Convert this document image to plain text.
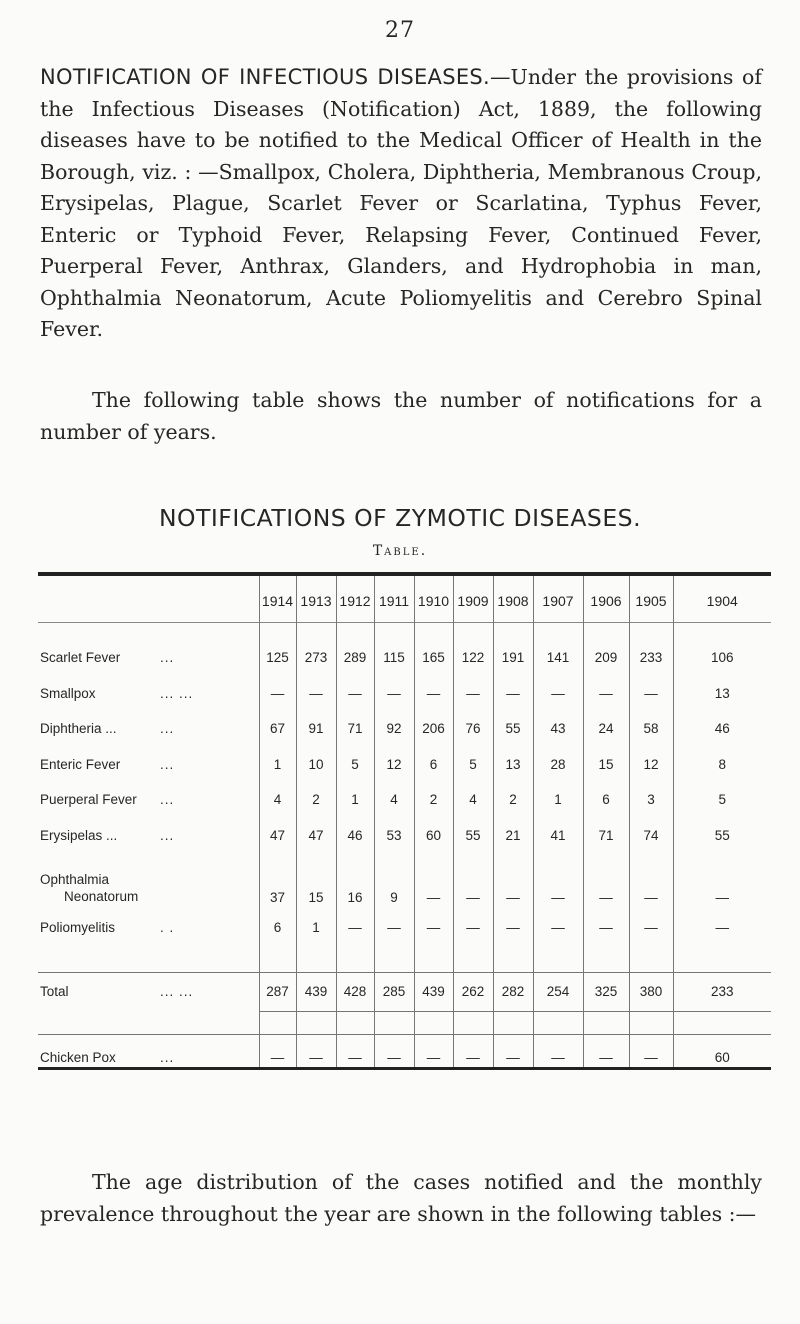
27
NOTIFICATION OF INFECTIOUS DISEASES.—Under the provisions of the Infectious Diseases (Notification) Act, 1889, the following diseases have to be notified to the Medical Officer of Health in the Borough, viz. : —Smallpox, Cholera, Diphtheria, Membranous Croup, Erysipelas, Plague, Scarlet Fever or Scarlatina, Typhus Fever, Enteric or Typhoid Fever, Relapsing Fever, Continued Fever, Puerperal Fever, Anthrax, Glanders, and Hydrophobia in man, Ophthalmia Neonatorum, Acute Poliomyelitis and Cerebro Spinal Fever.
The following table shows the number of notifications for a number of years.
NOTIFICATIONS OF ZYMOTIC DISEASES.
Table.
	1914	1913	1912	1911	1910	1909	1908	1907	1906	1905	1904

Scarlet Fever ...	125	273	289	115	165	122	191	141	209	233	106
Smallpox ... ...	—	—	—	—	—	—	—	—	—	—	13
Diphtheria ... ...	67	91	71	92	206	76	55	43	24	58	46
Enteric Fever ...	1	10	5	12	6	5	13	28	15	12	8
Puerperal Fever ...	4	2	1	4	2	4	2	1	6	3	5
Erysipelas ... ...	47	47	46	53	60	55	21	41	71	74	55
Ophthalmia
Neonatorum	37	15	16	9	—	—	—	—	—	—	—
Poliomyelitis . .	6	1	—	—	—	—	—	—	—	—	—

Total ... ...	287	439	428	285	439	262	282	254	325	380	233

Chicken Pox ...	—	—	—	—	—	—	—	—	—	—	60
The age distribution of the cases notified and the monthly prevalence throughout the year are shown in the following tables :—
